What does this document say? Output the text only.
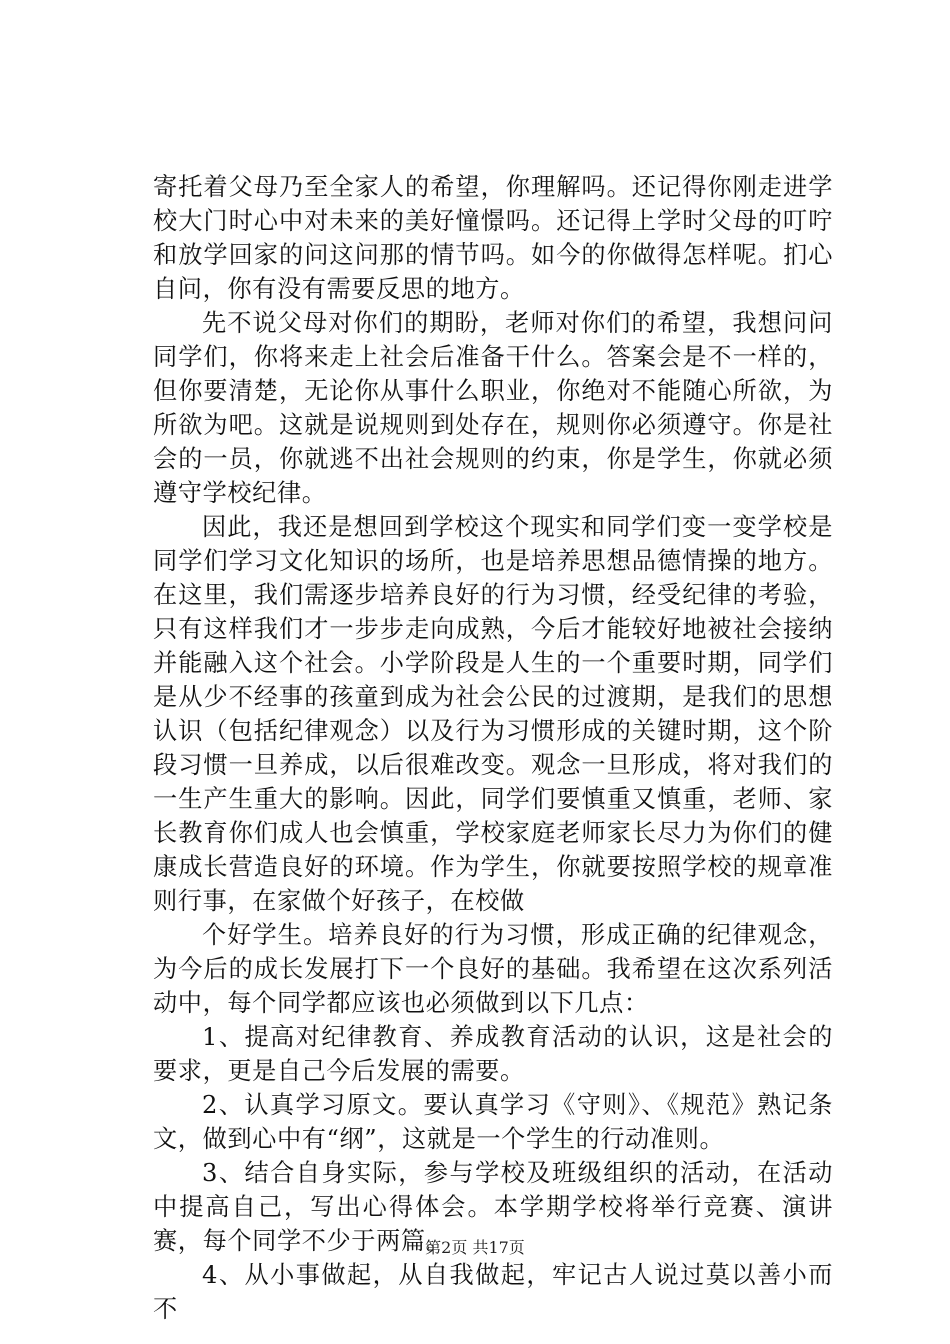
寄托着父母乃至全家人的希望，你理解吗。还记得你刚走进学校大门时心中对未来的美好憧憬吗。还记得上学时父母的叮咛和放学回家的问这问那的情节吗。如今的你做得怎样呢。扪心自问，你有没有需要反思的地方。

先不说父母对你们的期盼，老师对你们的希望，我想问问同学们，你将来走上社会后准备干什么。答案会是不一样的，但你要清楚，无论你从事什么职业，你绝对不能随心所欲，为所欲为吧。这就是说规则到处存在，规则你必须遵守。你是社会的一员，你就逃不出社会规则的约束，你是学生，你就必须遵守学校纪律。

因此，我还是想回到学校这个现实和同学们变一变学校是同学们学习文化知识的场所，也是培养思想品德情操的地方。在这里，我们需逐步培养良好的行为习惯，经受纪律的考验，只有这样我们才一步步走向成熟，今后才能较好地被社会接纳并能融入这个社会。小学阶段是人生的一个重要时期，同学们是从少不经事的孩童到成为社会公民的过渡期，是我们的思想认识（包括纪律观念）以及行为习惯形成的关键时期，这个阶段习惯一旦养成，以后很难改变。观念一旦形成，将对我们的一生产生重大的影响。因此，同学们要慎重又慎重，老师、家长教育你们成人也会慎重，学校家庭老师家长尽力为你们的健康成长营造良好的环境。作为学生，你就要按照学校的规章准则行事，在家做个好孩子，在校做

个好学生。培养良好的行为习惯，形成正确的纪律观念，为今后的成长发展打下一个良好的基础。我希望在这次系列活动中，每个同学都应该也必须做到以下几点：

1、提高对纪律教育、养成教育活动的认识，这是社会的要求，更是自己今后发展的需要。

2、认真学习原文。要认真学习《守则》、《规范》熟记条文，做到心中有“纲”，这就是一个学生的行动准则。

3、结合自身实际，参与学校及班级组织的活动，在活动中提高自己，写出心得体会。本学期学校将举行竞赛、演讲赛，每个同学不少于两篇。

4、从小事做起，从自我做起，牢记古人说过莫以善小而不

第2页 共17页
